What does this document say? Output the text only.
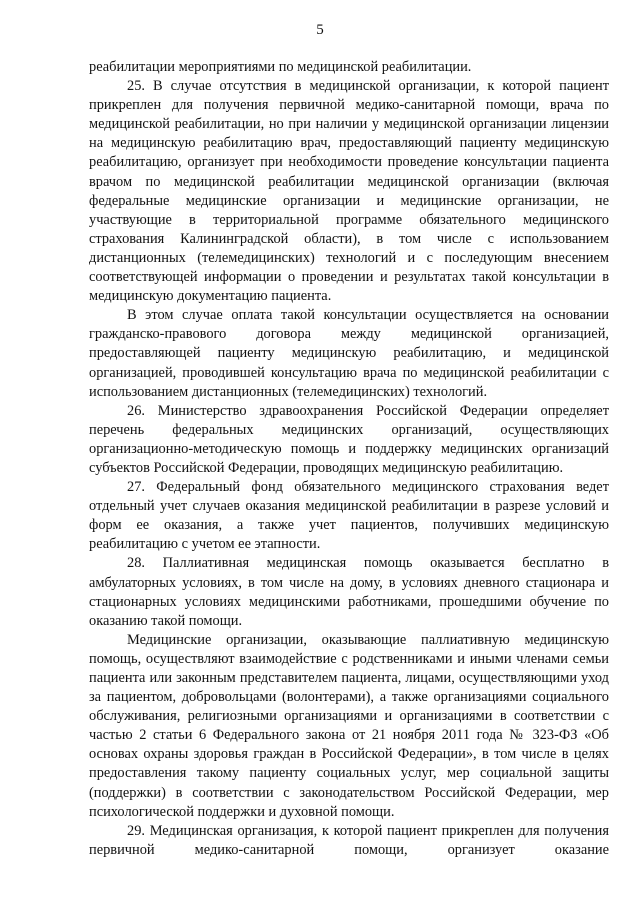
5

реабилитации мероприятиями по медицинской реабилитации.

25. В случае отсутствия в медицинской организации, к которой пациент прикреплен для получения первичной медико-санитарной помощи, врача по медицинской реабилитации, но при наличии у медицинской организации лицензии на медицинскую реабилитацию врач, предоставляющий пациенту медицинскую реабилитацию, организует при необходимости проведение консультации пациента врачом по медицинской реабилитации медицинской организации (включая федеральные медицинские организации и медицинские организации, не участвующие в территориальной программе обязательного медицинского страхования Калининградской области), в том числе с использованием дистанционных (телемедицинских) технологий и с последующим внесением соответствующей информации о проведении и результатах такой консультации в медицинскую документацию пациента.

В этом случае оплата такой консультации осуществляется на основании гражданско-правового договора между медицинской организацией, предоставляющей пациенту медицинскую реабилитацию, и медицинской организацией, проводившей консультацию врача по медицинской реабилитации с использованием дистанционных (телемедицинских) технологий.

26. Министерство здравоохранения Российской Федерации определяет перечень федеральных медицинских организаций, осуществляющих организационно-методическую помощь и поддержку медицинских организаций субъектов Российской Федерации, проводящих медицинскую реабилитацию.

27. Федеральный фонд обязательного медицинского страхования ведет отдельный учет случаев оказания медицинской реабилитации в разрезе условий и форм ее оказания, а также учет пациентов, получивших медицинскую реабилитацию с учетом ее этапности.

28. Паллиативная медицинская помощь оказывается бесплатно в амбулаторных условиях, в том числе на дому, в условиях дневного стационара и стационарных условиях медицинскими работниками, прошедшими обучение по оказанию такой помощи.

Медицинские организации, оказывающие паллиативную медицинскую помощь, осуществляют взаимодействие с родственниками и иными членами семьи пациента или законным представителем пациента, лицами, осуществляющими уход за пациентом, добровольцами (волонтерами), а также организациями социального обслуживания, религиозными организациями и организациями в соответствии с частью 2 статьи 6 Федерального закона от 21 ноября 2011 года № 323-ФЗ «Об основах охраны здоровья граждан в Российской Федерации», в том числе в целях предоставления такому пациенту социальных услуг, мер социальной защиты (поддержки) в соответствии с законодательством Российской Федерации, мер психологической поддержки и духовной помощи.

29. Медицинская организация, к которой пациент прикреплен для получения первичной медико-санитарной помощи, организует оказание
